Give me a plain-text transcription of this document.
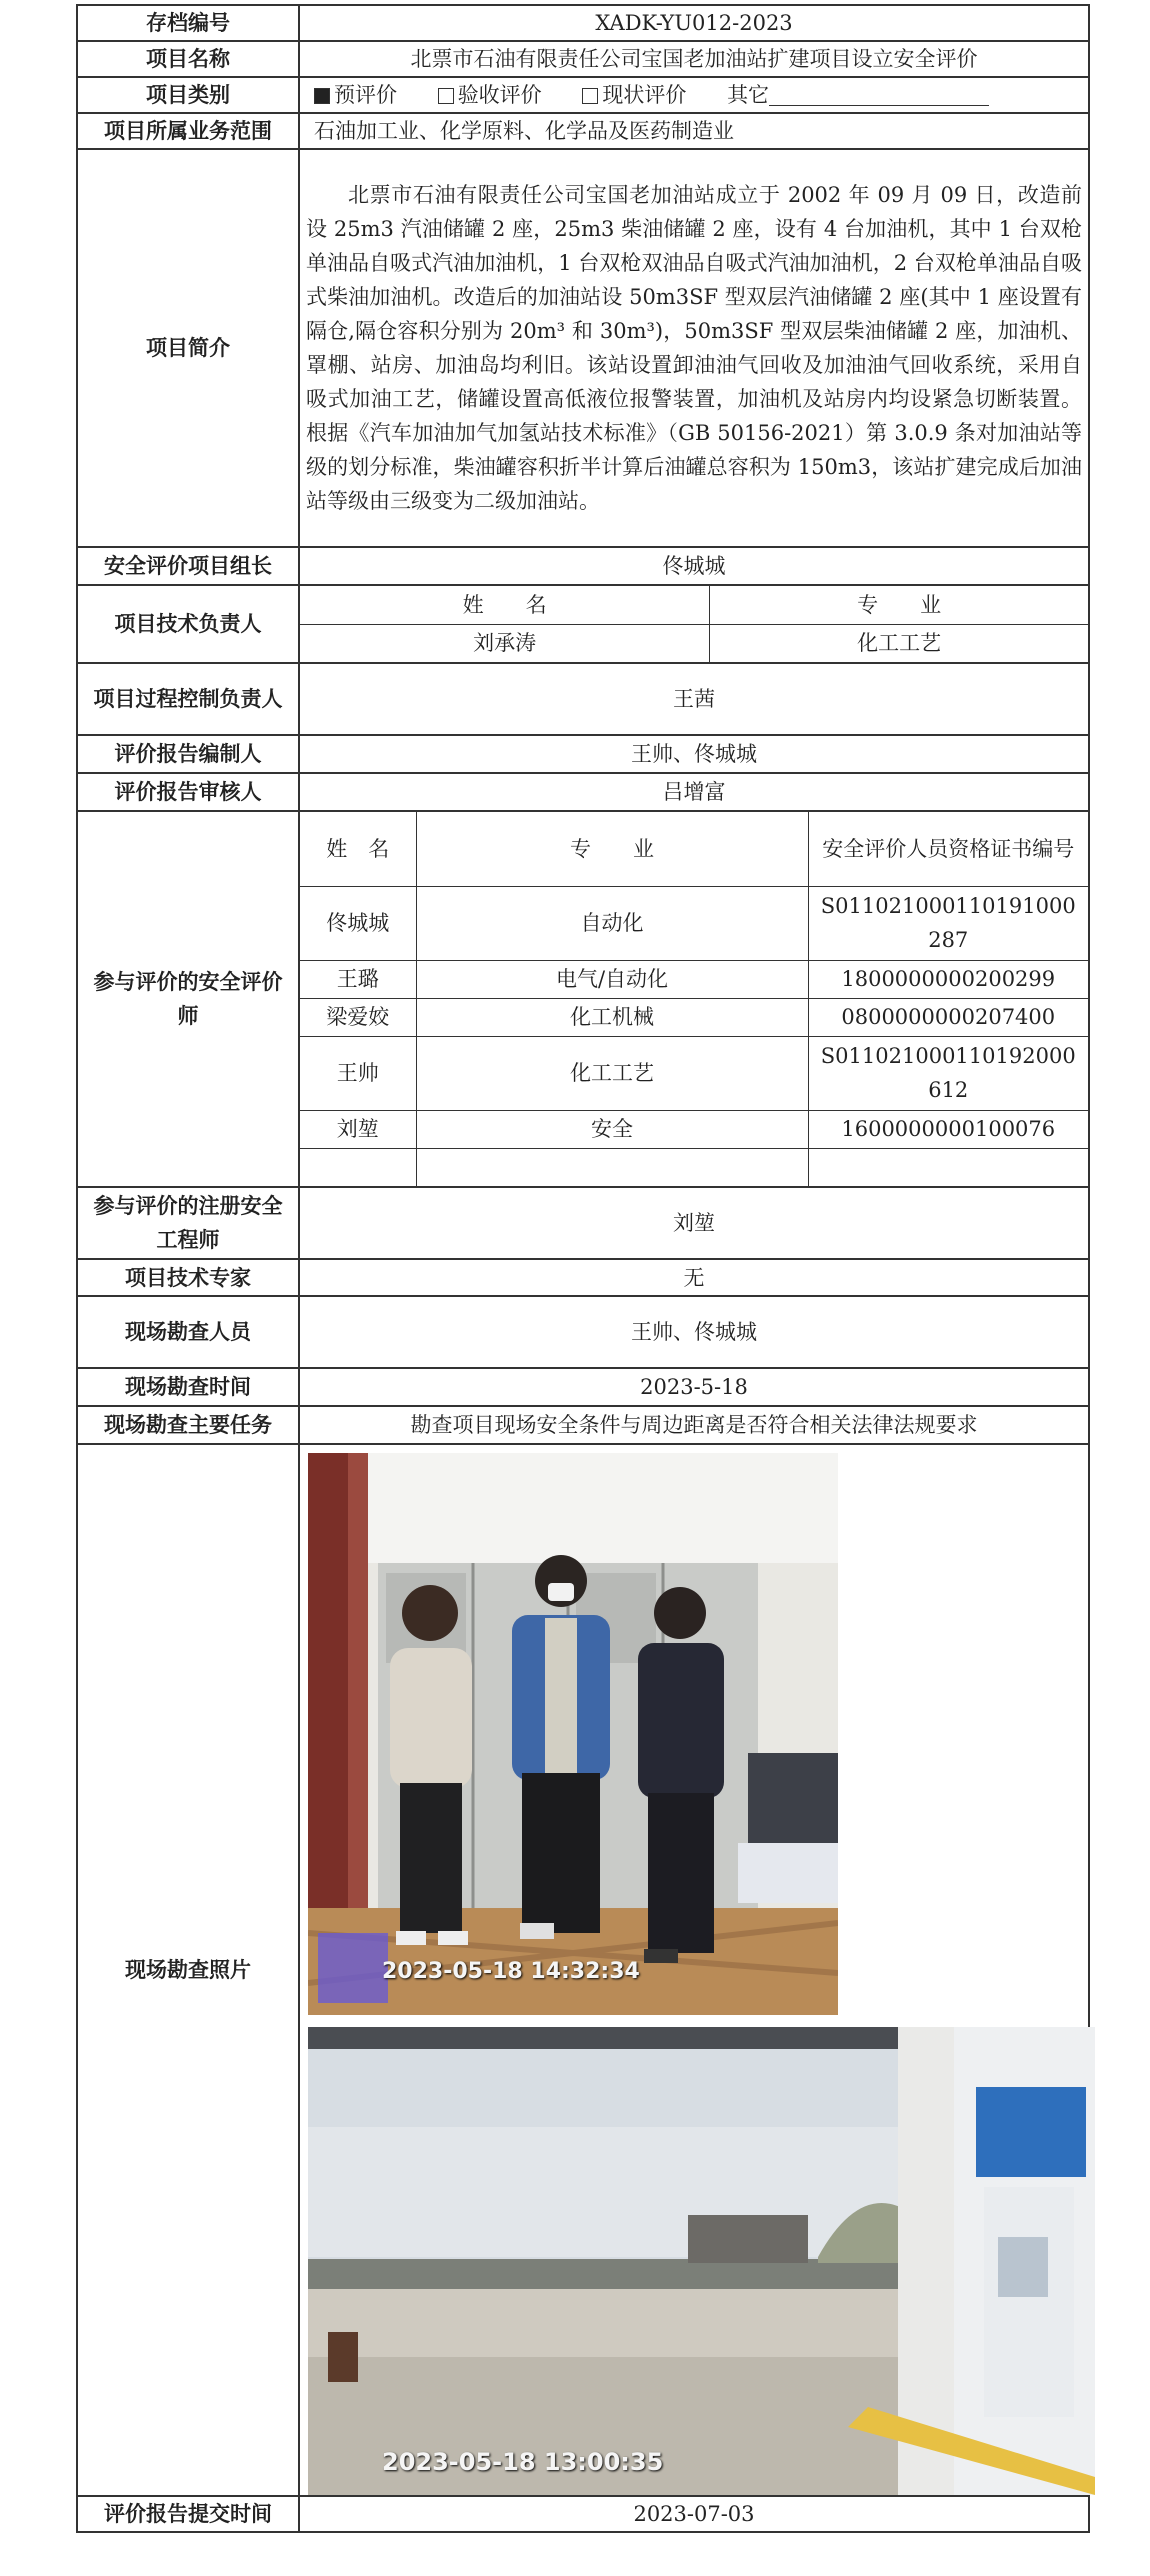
存档编号	XADK-YU012-2023
项目名称	北票市石油有限责任公司宝国老加油站扩建项目设立安全评价
项目类别	预评价	验收评价	现状评价 其它
项目所属业务范围	石油加工业、化学原料、化学品及医药制造业
项目简介	北票市石油有限责任公司宝国老加油站成立于 2002 年 09 月 09 日，改造前设 25m3 汽油储罐 2 座，25m3 柴油储罐 2 座，设有 4 台加油机，其中 1 台双枪单油品自吸式汽油加油机，1 台双枪双油品自吸式汽油加油机，2 台双枪单油品自吸式柴油加油机。改造后的加油站设 50m3SF 型双层汽油储罐 2 座(其中 1 座设置有隔仓,隔仓容积分别为 20m³ 和 30m³)，50m3SF 型双层柴油储罐 2 座，加油机、罩棚、站房、加油岛均利旧。该站设置卸油油气回收及加油油气回收系统，采用自吸式加油工艺，储罐设置高低液位报警装置，加油机及站房内均设紧急切断装置。根据《汽车加油加气加氢站技术标准》（GB 50156-2021）第 3.0.9 条对加油站等级的划分标准，柴油罐容积折半计算后油罐总容积为 150m3，该站扩建完成后加油站等级由三级变为二级加油站。
安全评价项目组长	佟城城
项目技术负责人	
姓　　名	专　　业
刘承涛	化工工艺

项目过程控制负责人	王茜
评价报告编制人	王帅、佟城城
评价报告审核人	吕增富
参与评价的安全评价师	
姓　名	专　　业	安全评价人员资格证书编号
佟城城	自动化	S011021000110191000287
王璐	电气/自动化	1800000000200299
梁爱姣	化工机械	0800000000207400
王帅	化工工艺	S011021000110192000612
刘堃	安全	1600000000100076

参与评价的注册安全工程师	刘堃
项目技术专家	无
现场勘查人员	王帅、佟城城
现场勘查时间	2023-5-18
现场勘查主要任务	勘查项目现场安全条件与周边距离是否符合相关法律法规要求
现场勘查照片	2023-05-18 14:32:34
2023-05-18 13:00:35

评价报告提交时间	2023-07-03
